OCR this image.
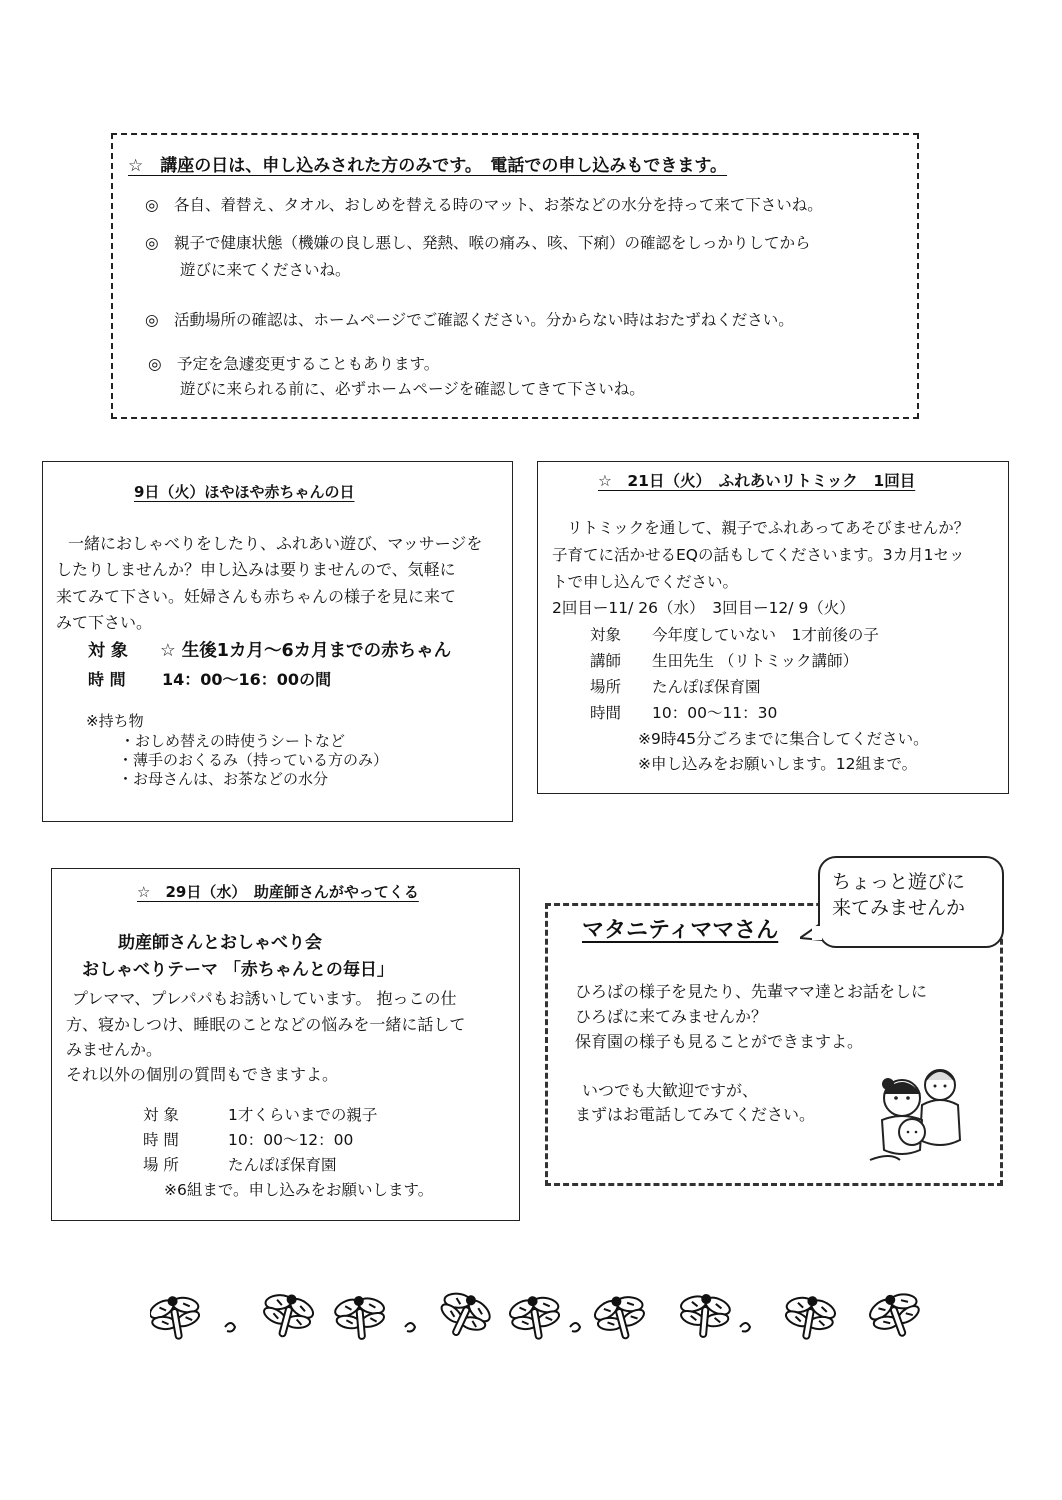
☆　講座の日は、申し込みされた方のみです。　電話での申し込みもできます。
◎　各自、着替え、タオル、おしめを替える時のマット、お茶などの水分を持って来て下さいね。
◎　親子で健康状態（機嫌の良し悪し、発熱、喉の痛み、咳、下痢）の確認をしっかりしてから
遊びに来てくださいね。
◎　活動場所の確認は、ホームページでご確認ください。分からない時はおたずねください。
◎　予定を急遽変更することもあります。
遊びに来られる前に、必ずホームページを確認してきて下さいね。
9日（火）ほやほや赤ちゃんの日
一緒におしゃべりをしたり、ふれあい遊び、マッサージを
したりしませんか？申し込みは要りませんので、気軽に
来てみて下さい。妊婦さんも赤ちゃんの様子を見に来て
みて下さい。
対 象 ☆ 生後1カ月～6カ月までの赤ちゃん
時 間 14：00～16：00の間
※持ち物
・おしめ替えの時使うシートなど
・薄手のおくるみ（持っている方のみ）
・お母さんは、お茶などの水分
☆　21日（火）　ふれあいリトミック　1回目
リトミックを通して、親子でふれあってあそびませんか？
子育てに活かせるEQの話もしてくださいます。3カ月1セッ
トで申し込んでください。
2回目ー11/ 26（水）　3回目ー12/ 9（火）
対象 今年度していない　1才前後の子
講師 生田先生 （リトミック講師）
場所 たんぽぽ保育園
時間 10：00～11：30
※9時45分ごろまでに集合してください。
※申し込みをお願いします。12組まで。
☆　29日（水）　助産師さんがやってくる
助産師さんとおしゃべり会
おしゃべりテーマ 「赤ちゃんとの毎日」
プレママ、プレパパもお誘いしています。 抱っこの仕
方、寝かしつけ、睡眠のことなどの悩みを一緒に話して
みませんか。
それ以外の個別の質問もできますよ。
対 象	1才くらいまでの親子
時 間	10：00～12：00
場 所	たんぽぽ保育園
※6組まで。申し込みをお願いします。
マタニティママさん
ちょっと遊びに
来てみませんか
ひろばの様子を見たり、先輩ママ達とお話をしに
ひろばに来てみませんか？
保育園の様子も見ることができますよ。
いつでも大歓迎ですが、
まずはお電話してみてください。
